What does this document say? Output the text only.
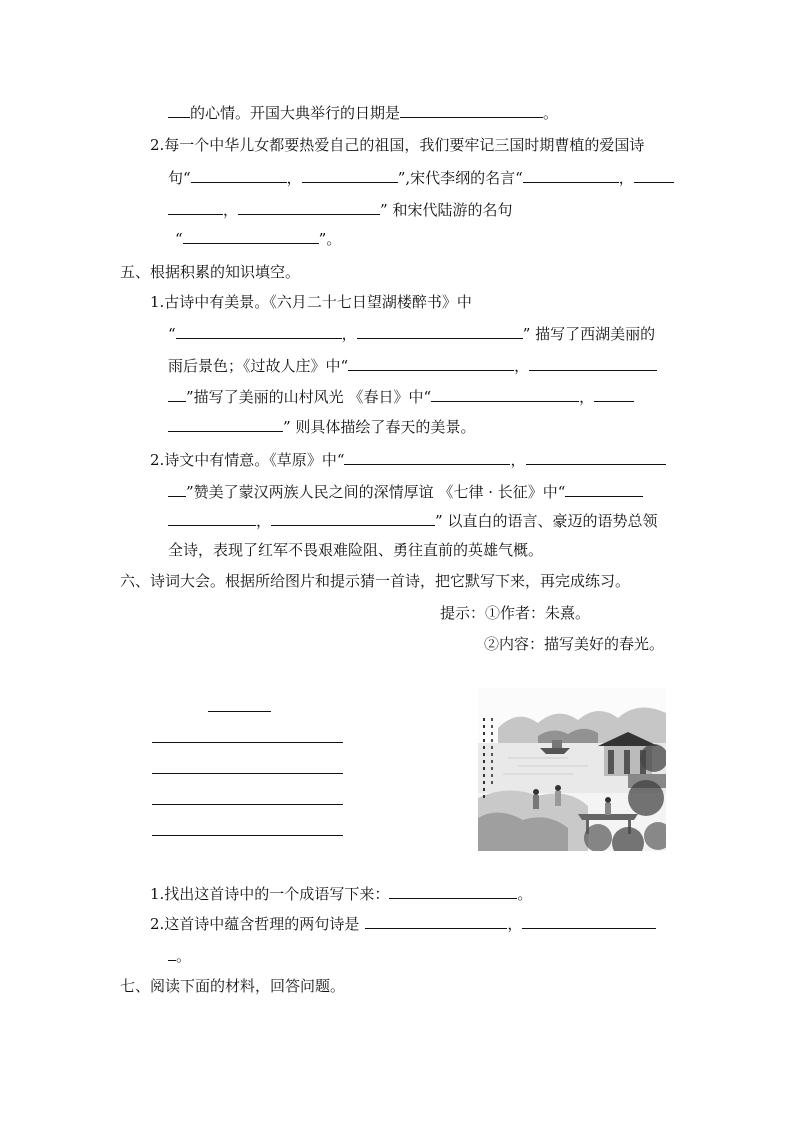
的心情。开国大典举行的日期是	。
2.每一个中华儿女都要热爱自己的祖国，我们要牢记三国时期曹植的爱国诗
句“	，	”,宋代李纲的名言“	，
，	” 和宋代陆游的名句
“	”。
五、根据积累的知识填空。
1.古诗中有美景。《六月二十七日望湖楼醉书》中
“	，	” 描写了西湖美丽的
雨后景色；《过故人庄》中“	，
”描写了美丽的山村风光 《春日》中“	，
” 则具体描绘了春天的美景。
2.诗文中有情意。《草原》中“	，
”赞美了蒙汉两族人民之间的深情厚谊 《七律 · 长征》中“
，	” 以直白的语言、豪迈的语势总领
全诗，表现了红军不畏艰难险阻、勇往直前的英雄气概。
六、诗词大会。根据所给图片和提示猜一首诗，把它默写下来，再完成练习。
提示：①作者：朱熹。
②内容：描写美好的春光。
1.找出这首诗中的一个成语写下来：	。
2.这首诗中蕴含哲理的两句诗是	，
。
七、阅读下面的材料，回答问题。
